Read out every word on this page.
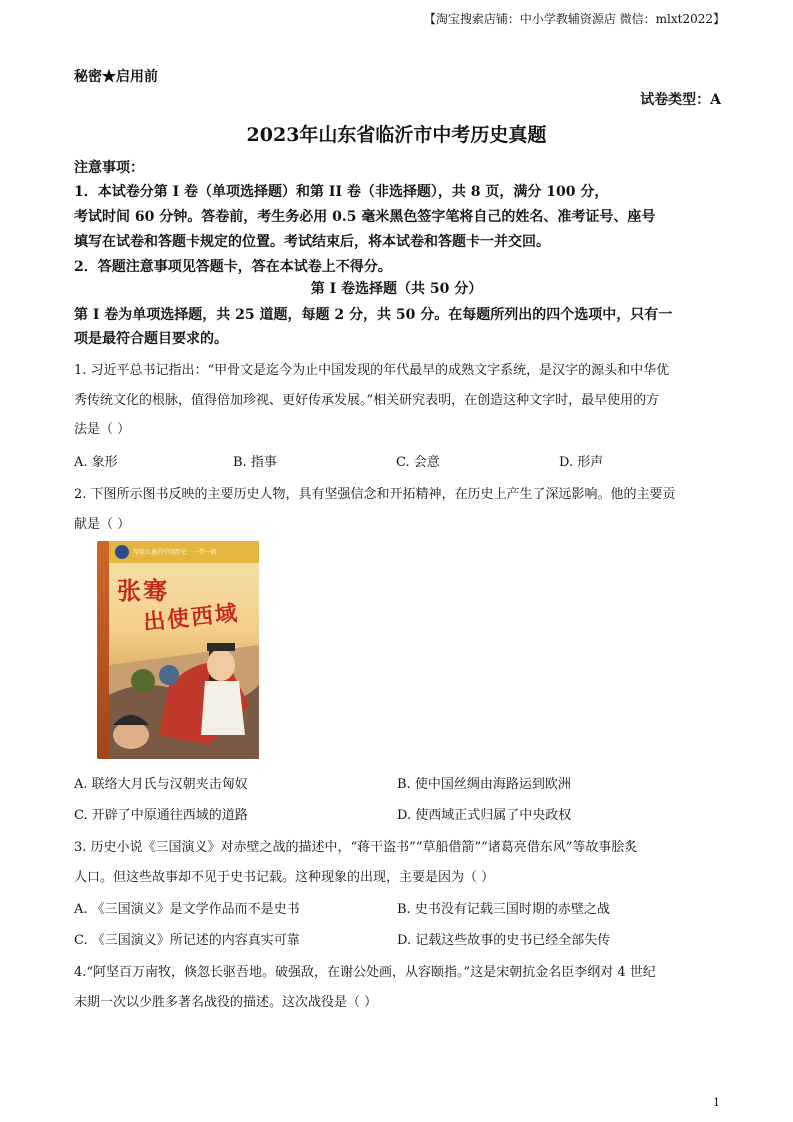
【淘宝搜索店铺：中小学教辅资源店 微信：mlxt2022】
秘密★启用前
试卷类型：A
2023年山东省临沂市中考历史真题
注意事项：
1．本试卷分第 I 卷（单项选择题）和第 II 卷（非选择题），共 8 页，满分 100 分，
考试时间 60 分钟。答卷前，考生务必用 0.5 毫米黑色签字笔将自己的姓名、准考证号、座号
填写在试卷和答题卡规定的位置。考试结束后，将本试卷和答题卡一并交回。
2．答题注意事项见答题卡，答在本试卷上不得分。
第 I 卷选择题（共 50 分）
第 I 卷为单项选择题，共 25 道题，每题 2 分，共 50 分。在每题所列出的四个选项中，只有一
项是最符合题目要求的。
1. 习近平总书记指出：“甲骨文是迄今为止中国发现的年代最早的成熟文字系统，是汉字的源头和中华优
秀传统文化的根脉，值得倍加珍视、更好传承发展。”相关研究表明，在创造这种文字时，最早使用的方
法是（ ）
A. 象形	B. 指事	C. 会意	D. 形声
2. 下图所示图书反映的主要历史人物，具有坚强信念和开拓精神，在历史上产生了深远影响。他的主要贡
献是（ ）
写给儿童的中国历史 · 一带一路
张骞
出使西域
A. 联络大月氏与汉朝夹击匈奴	B. 使中国丝绸由海路运到欧洲
C. 开辟了中原通往西域的道路	D. 使西域正式归属了中央政权
3. 历史小说《三国演义》对赤壁之战的描述中，“蒋干盗书”“草船借箭”“诸葛亮借东风”等故事脍炙
人口。但这些故事却不见于史书记载。这种现象的出现，主要是因为（ ）
A. 《三国演义》是文学作品而不是史书	B. 史书没有记载三国时期的赤壁之战
C. 《三国演义》所记述的内容真实可靠	D. 记载这些故事的史书已经全部失传
4.“阿坚百万南牧，倏忽长驱吾地。破强敌，在谢公处画，从容颐指。”这是宋朝抗金名臣李纲对 4 世纪
末期一次以少胜多著名战役的描述。这次战役是（ ）
1
